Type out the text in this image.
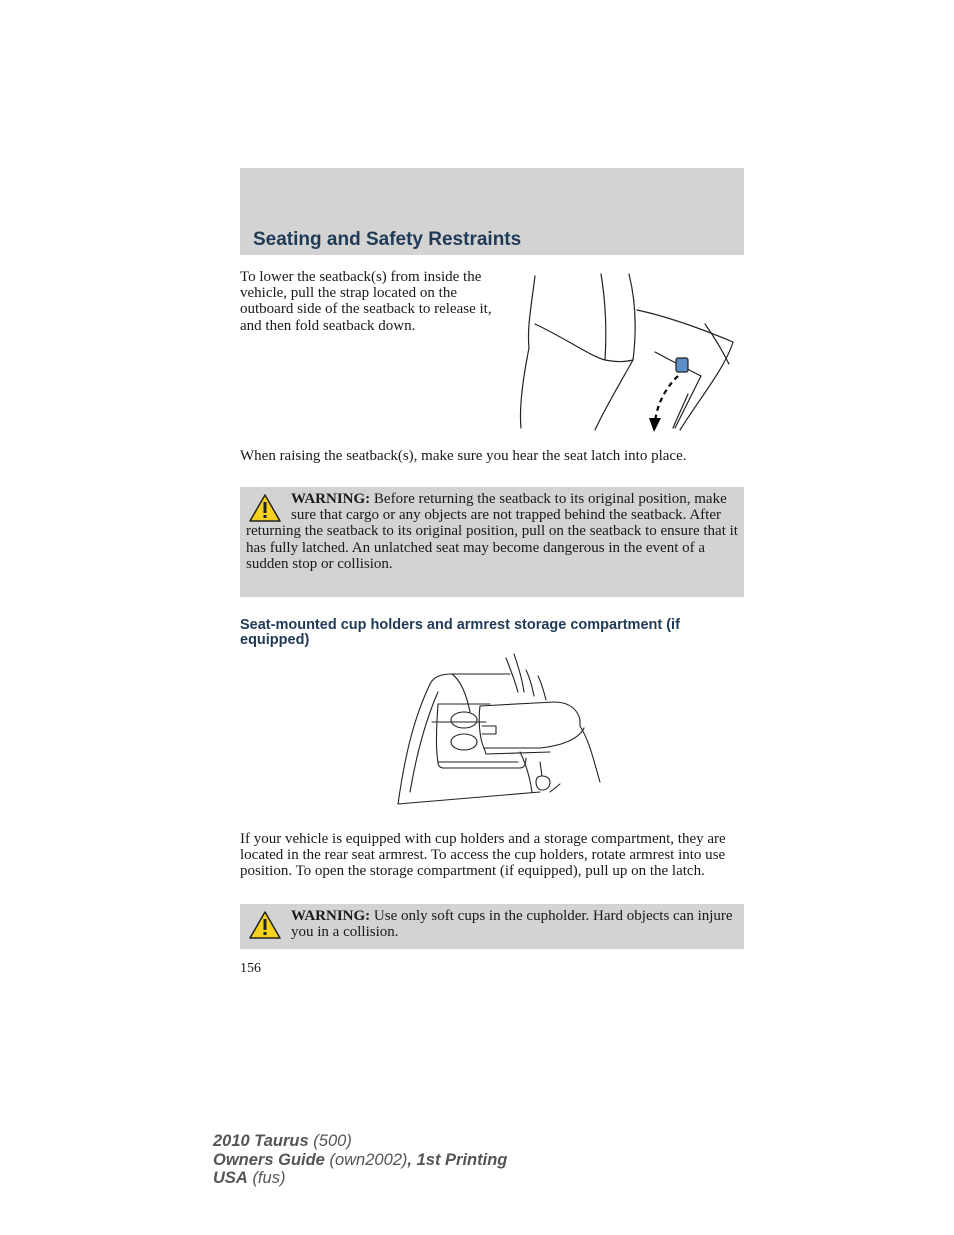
Seating and Safety Restraints
To lower the seatback(s) from inside the vehicle, pull the strap located on the outboard side of the seatback to release it, and then fold seatback down.
When raising the seatback(s), make sure you hear the seat latch into place.
WARNING: Before returning the seatback to its original position, make sure that cargo or any objects are not trapped behind the seatback. After returning the seatback to its original position, pull on the seatback to ensure that it has fully latched. An unlatched seat may become dangerous in the event of a sudden stop or collision.
Seat-mounted cup holders and armrest storage compartment (if equipped)
If your vehicle is equipped with cup holders and a storage compartment, they are located in the rear seat armrest. To access the cup holders, rotate armrest into use position. To open the storage compartment (if equipped), pull up on the latch.
WARNING: Use only soft cups in the cupholder. Hard objects can injure you in a collision.
156
2010 Taurus (500)
Owners Guide (own2002), 1st Printing
USA (fus)
